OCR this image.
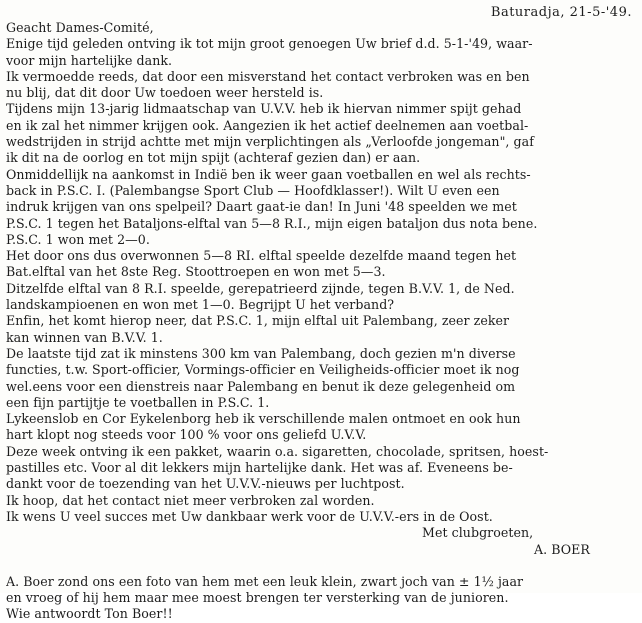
Baturadja, 21-5-'49.
Geacht Dames-Comité,
Enige tijd geleden ontving ik tot mijn groot genoegen Uw brief d.d. 5-1-'49, waar-
voor mijn hartelijke dank.
Ik vermoedde reeds, dat door een misverstand het contact verbroken was en ben
nu blij, dat dit door Uw toedoen weer hersteld is.
Tijdens mijn 13-jarig lidmaatschap van U.V.V. heb ik hiervan nimmer spijt gehad
en ik zal het nimmer krijgen ook. Aangezien ik het actief deelnemen aan voetbal-
wedstrijden in strijd achtte met mijn verplichtingen als „Verloofde jongeman", gaf
ik dit na de oorlog en tot mijn spijt (achteraf gezien dan) er aan.
Onmiddellijk na aankomst in Indië ben ik weer gaan voetballen en wel als rechts-
back in P.S.C. I. (Palembangse Sport Club — Hoofdklasser!). Wilt U even een
indruk krijgen van ons spelpeil? Daart gaat-ie dan! In Juni '48 speelden we met
P.S.C. 1 tegen het Bataljons-elftal van 5—8 R.I., mijn eigen bataljon dus nota bene.
P.S.C. 1 won met 2—0.
Het door ons dus overwonnen 5—8 RI. elftal speelde dezelfde maand tegen het
Bat.elftal van het 8ste Reg. Stoottroepen en won met 5—3.
Ditzelfde elftal van 8 R.I. speelde, gerepatrieerd zijnde, tegen B.V.V. 1, de Ned.
landskampioenen en won met 1—0. Begrijpt U het verband?
Enfin, het komt hierop neer, dat P.S.C. 1, mijn elftal uit Palembang, zeer zeker
kan winnen van B.V.V. 1.
De laatste tijd zat ik minstens 300 km van Palembang, doch gezien m'n diverse
functies, t.w. Sport-officier, Vormings-officier en Veiligheids-officier moet ik nog
wel.eens voor een dienstreis naar Palembang en benut ik deze gelegenheid om
een fijn partijtje te voetballen in P.S.C. 1.
Lykeenslob en Cor Eykelenborg heb ik verschillende malen ontmoet en ook hun
hart klopt nog steeds voor 100 % voor ons geliefd U.V.V.
Deze week ontving ik een pakket, waarin o.a. sigaretten, chocolade, spritsen, hoest-
pastilles etc. Voor al dit lekkers mijn hartelijke dank. Het was af. Eveneens be-
dankt voor de toezending van het U.V.V.-nieuws per luchtpost.
Ik hoop, dat het contact niet meer verbroken zal worden.
Ik wens U veel succes met Uw dankbaar werk voor de U.V.V.-ers in de Oost.
Met clubgroeten,
A. BOER
A. Boer zond ons een foto van hem met een leuk klein, zwart joch van ± 1½ jaar
en vroeg of hij hem maar mee moest brengen ter versterking van de junioren.
Wie antwoordt Ton Boer!!
